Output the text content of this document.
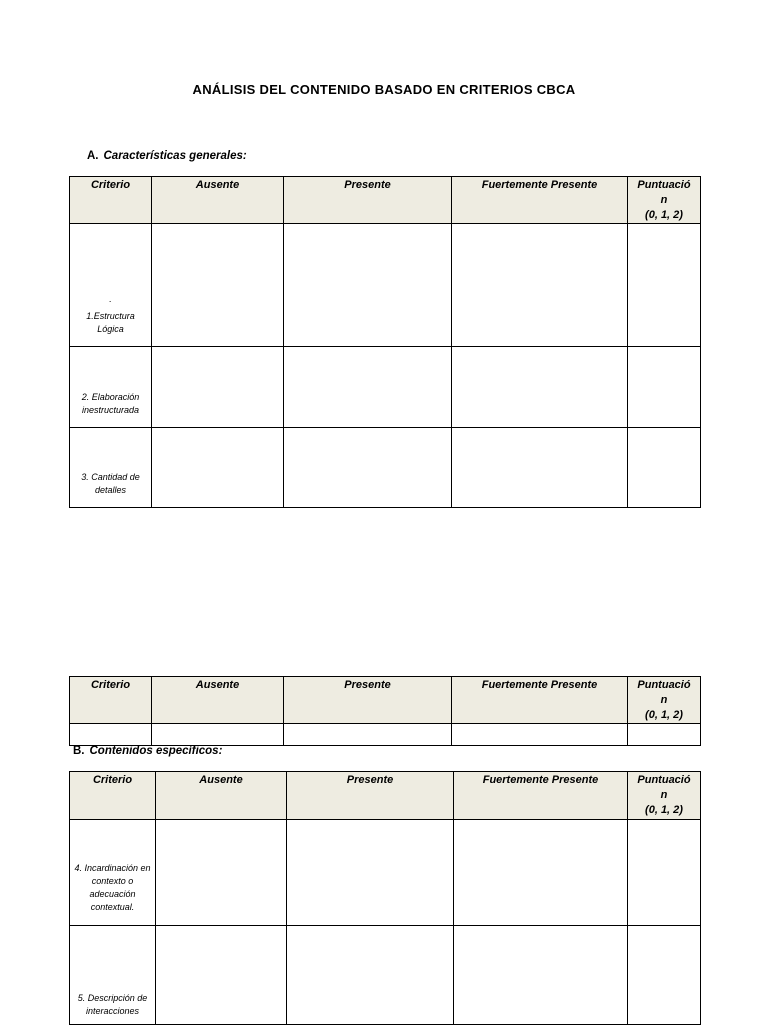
ANÁLISIS DEL CONTENIDO BASADO EN CRITERIOS CBCA
A. Características generales:
Criterio	Ausente	Presente	Fuertemente Presente	Puntuació
n
(0, 1, 2)

.
1.Estructura Lógica				
2. Elaboración inestructurada				
3. Cantidad de detalles				
Criterio	Ausente	Presente	Fuertemente Presente	Puntuació
n
(0, 1, 2)

B. Contenidos específicos:
Criterio	Ausente	Presente	Fuertemente Presente	Puntuació
n
(0, 1, 2)
4. Incardinación en contexto o adecuación contextual.				
5. Descripción de interacciones				
